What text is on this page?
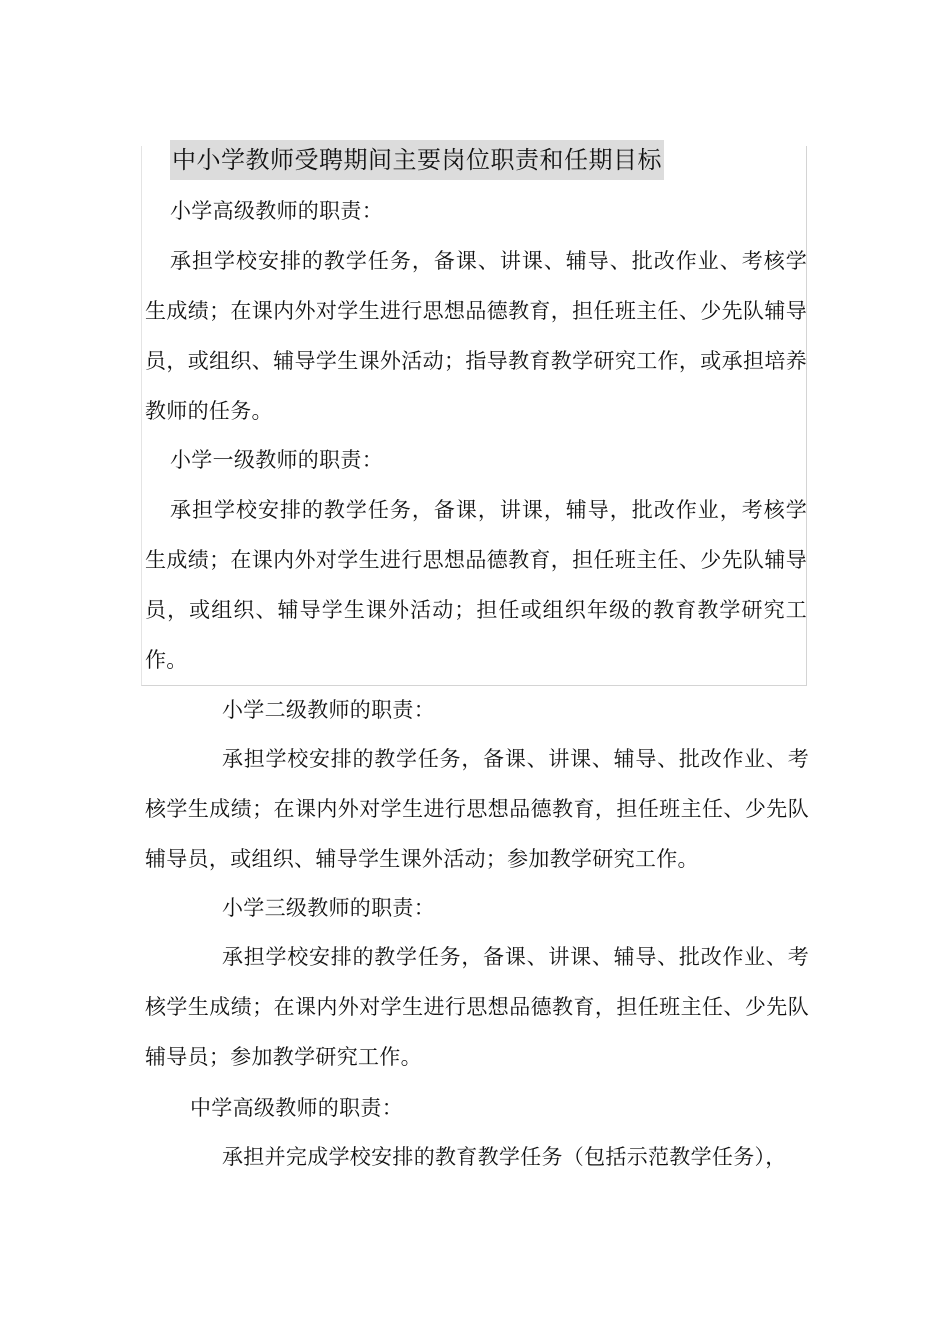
中小学教师受聘期间主要岗位职责和任期目标
小学高级教师的职责：
承担学校安排的教学任务，备课、讲课、辅导、批改作业、考核学生成绩；在课内外对学生进行思想品德教育，担任班主任、少先队辅导员，或组织、辅导学生课外活动；指导教育教学研究工作，或承担培养教师的任务。
小学一级教师的职责：
承担学校安排的教学任务，备课，讲课，辅导，批改作业，考核学生成绩；在课内外对学生进行思想品德教育，担任班主任、少先队辅导员，或组织、辅导学生课外活动；担任或组织年级的教育教学研究工作。
小学二级教师的职责：
承担学校安排的教学任务，备课、讲课、辅导、批改作业、考核学生成绩；在课内外对学生进行思想品德教育，担任班主任、少先队辅导员，或组织、辅导学生课外活动；参加教学研究工作。
小学三级教师的职责：
承担学校安排的教学任务，备课、讲课、辅导、批改作业、考核学生成绩；在课内外对学生进行思想品德教育，担任班主任、少先队辅导员；参加教学研究工作。
中学高级教师的职责：
承担并完成学校安排的教育教学任务（包括示范教学任务），
